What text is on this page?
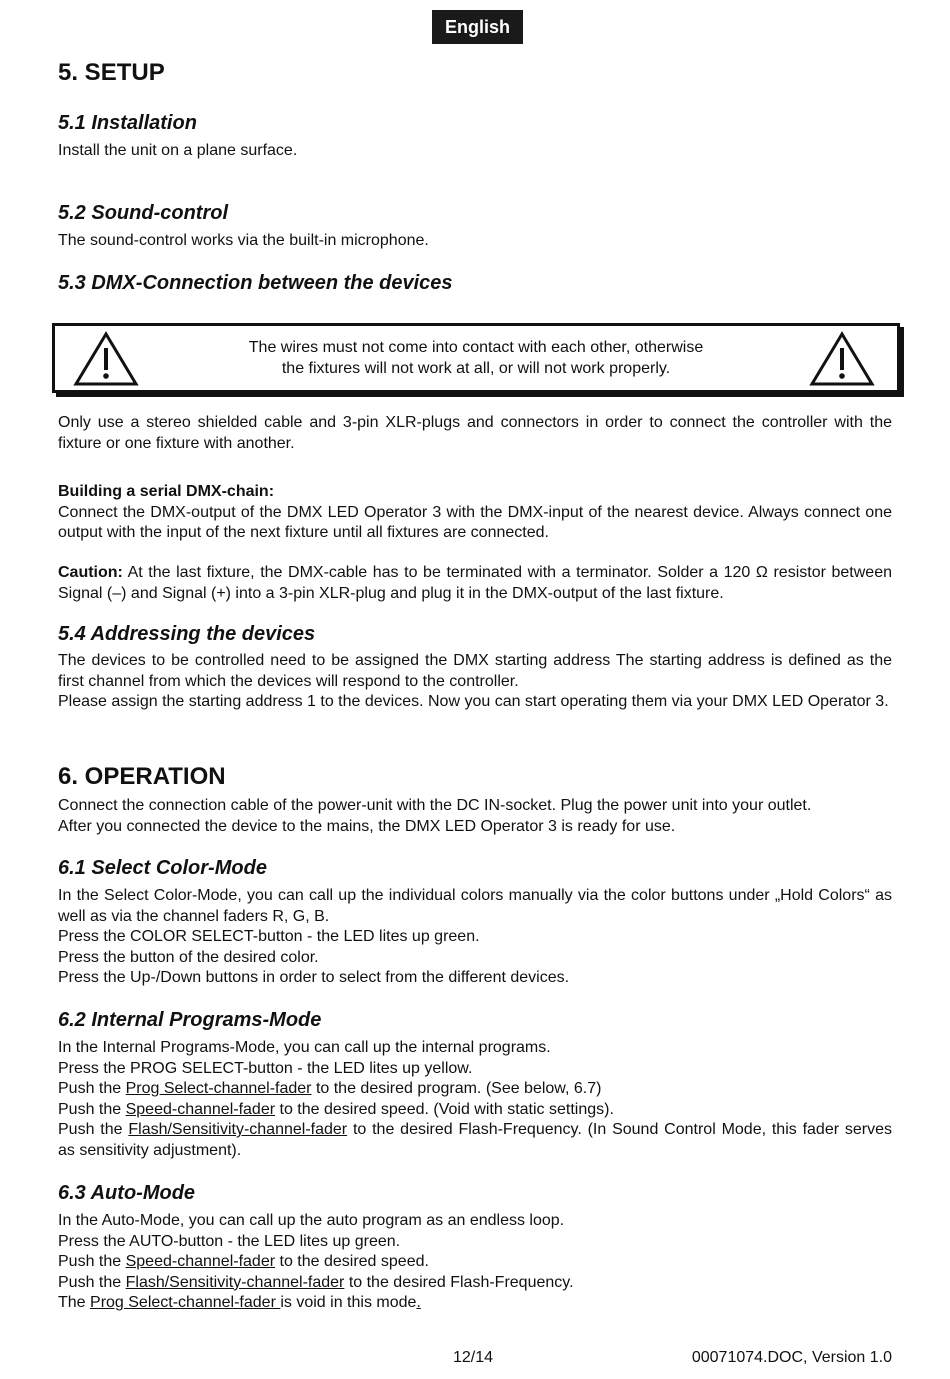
English
5. SETUP
5.1 Installation

Install the unit on a plane surface.

5.2 Sound-control

The sound-control works via the built-in microphone.

5.3 DMX-Connection between the devices
The wires must not come into contact with each other, otherwise
the fixtures will not work at all, or will not work properly.

Only use a stereo shielded cable and 3-pin XLR-plugs and connectors in order to connect the controller with the fixture or one fixture with another.

Building a serial DMX-chain:

Connect the DMX-output of the DMX LED Operator 3 with the DMX-input of the nearest device. Always connect one output with the input of the next fixture until all fixtures are connected.

Caution: At the last fixture, the DMX-cable has to be terminated with a terminator. Solder a 120 Ω resistor between Signal (–) and Signal (+) into a 3-pin XLR-plug and plug it in the DMX-output of the last fixture.

5.4 Addressing the devices

The devices to be controlled need to be assigned the DMX starting address The starting address is defined as the first channel from which the devices will respond to the controller.

Please assign the starting address 1 to the devices. Now you can start operating them via your DMX LED Operator 3.

6. OPERATION

Connect the connection cable of the power-unit with the DC IN-socket. Plug the power unit into your outlet.

After you connected the device to the mains, the DMX LED Operator 3 is ready for use.

6.1 Select Color-Mode

In the Select Color-Mode, you can call up the individual colors manually via the color buttons under „Hold Colors“ as well as via the channel faders R, G, B.

Press the COLOR SELECT-button - the LED lites up green.

Press the button of the desired color.

Press the Up-/Down buttons in order to select from the different devices.

6.2 Internal Programs-Mode

In the Internal Programs-Mode, you can call up the internal programs.

Press the PROG SELECT-button - the LED lites up yellow.

Push the Prog Select-channel-fader to the desired program. (See below, 6.7)

Push the Speed-channel-fader to the desired speed. (Void with static settings).

Push the Flash/Sensitivity-channel-fader to the desired Flash-Frequency. (In Sound Control Mode, this fader serves as sensitivity adjustment).

6.3 Auto-Mode

In the Auto-Mode, you can call up the auto program as an endless loop.

Press the AUTO-button - the LED lites up green.

Push the Speed-channel-fader to the desired speed.

Push the Flash/Sensitivity-channel-fader to the desired Flash-Frequency.

The Prog Select-channel-fader is void in this mode.

12/14	00071074.DOC, Version 1.0
